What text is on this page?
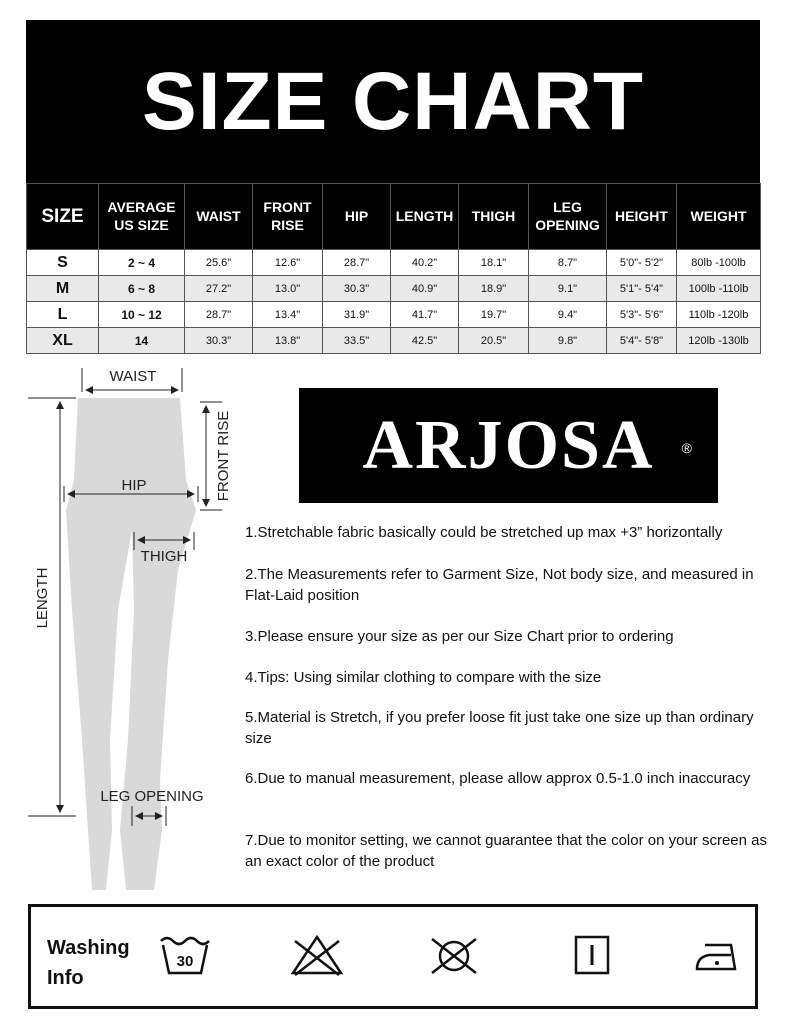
SIZE CHART
SIZE	AVERAGE US SIZE	WAIST	FRONT RISE	HIP	LENGTH	THIGH	LEG OPENING	HEIGHT	WEIGHT
S	2 ~ 4	25.6"	12.6"	28.7"	40.2"	18.1"	8.7"	5'0"- 5'2"	80lb -100lb
M	6 ~ 8	27.2"	13.0"	30.3"	40.9"	18.9"	9.1"	5'1"- 5'4"	100lb -110lb
L	10 ~ 12	28.7"	13.4"	31.9"	41.7"	19.7"	9.4"	5'3"- 5'6"	110lb -120lb
XL	14	30.3"	13.8"	33.5"	42.5"	20.5"	9.8"	5'4"- 5'8"	120lb -130lb
WAIST
FRONT RISE
HIP
THIGH
LENGTH
LEG OPENING
ARJOSA ®

1.Stretchable fabric basically could be stretched up max +3” horizontally

2.The Measurements refer to Garment Size, Not body size, and measured in Flat-Laid position

3.Please ensure your size as per our Size Chart prior to ordering

4.Tips: Using similar clothing to compare with the size

5.Material is Stretch, if you prefer loose fit just take one size up than ordinary size

6.Due to manual measurement, please allow approx 0.5-1.0 inch inaccuracy

7.Due to monitor setting, we cannot guarantee that the color on your screen as an exact color of the product

Washing
Info
30
